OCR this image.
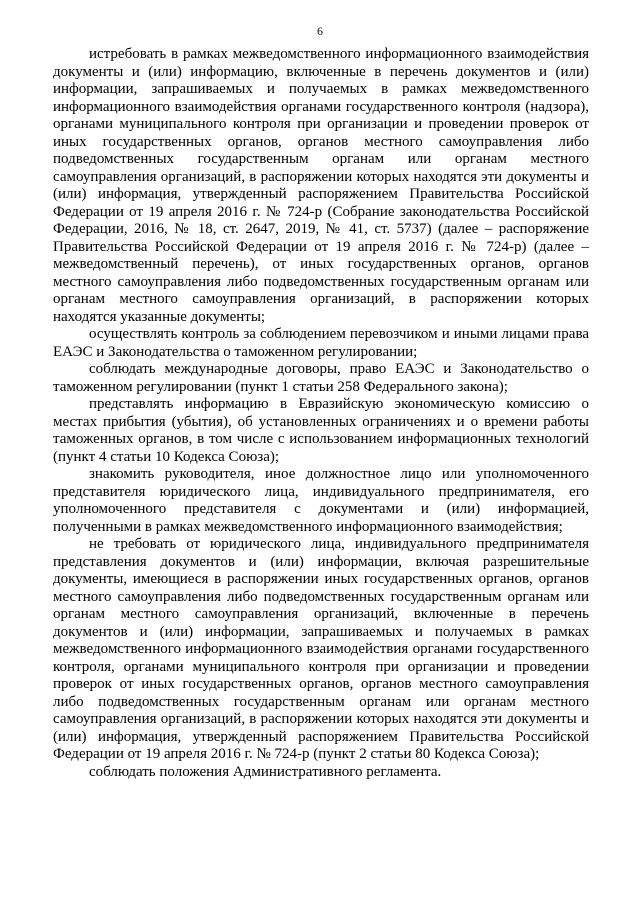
6

истребовать в рамках межведомственного информационного взаимодействия документы и (или) информацию, включенные в перечень документов и (или) информации, запрашиваемых и получаемых в рамках межведомственного информационного взаимодействия органами государственного контроля (надзора), органами муниципального контроля при организации и проведении проверок от иных государственных органов, органов местного самоуправления либо подведомственных государственным органам или органам местного самоуправления организаций, в распоряжении которых находятся эти документы и (или) информация, утвержденный распоряжением Правительства Российской Федерации от 19 апреля 2016 г. № 724-р (Собрание законодательства Российской Федерации, 2016, № 18, ст. 2647, 2019, № 41, ст. 5737) (далее – распоряжение Правительства Российской Федерации от 19 апреля 2016 г. № 724-р) (далее – межведомственный перечень), от иных государственных органов, органов местного самоуправления либо подведомственных государственным органам или органам местного самоуправления организаций, в распоряжении которых находятся указанные документы;

осуществлять контроль за соблюдением перевозчиком и иными лицами права ЕАЭС и Законодательства о таможенном регулировании;

соблюдать международные договоры, право ЕАЭС и Законодательство о таможенном регулировании (пункт 1 статьи 258 Федерального закона);

представлять информацию в Евразийскую экономическую комиссию о местах прибытия (убытия), об установленных ограничениях и о времени работы таможенных органов, в том числе с использованием информационных технологий (пункт 4 статьи 10 Кодекса Союза);

знакомить руководителя, иное должностное лицо или уполномоченного представителя юридического лица, индивидуального предпринимателя, его уполномоченного представителя с документами и (или) информацией, полученными в рамках межведомственного информационного взаимодействия;

не требовать от юридического лица, индивидуального предпринимателя представления документов и (или) информации, включая разрешительные документы, имеющиеся в распоряжении иных государственных органов, органов местного самоуправления либо подведомственных государственным органам или органам местного самоуправления организаций, включенные в перечень документов и (или) информации, запрашиваемых и получаемых в рамках межведомственного информационного взаимодействия органами государственного контроля, органами муниципального контроля при организации и проведении проверок от иных государственных органов, органов местного самоуправления либо подведомственных государственным органам или органам местного самоуправления организаций, в распоряжении которых находятся эти документы и (или) информация, утвержденный распоряжением Правительства Российской Федерации от 19 апреля 2016 г. № 724-р (пункт 2 статьи 80 Кодекса Союза);

соблюдать положения Административного регламента.
